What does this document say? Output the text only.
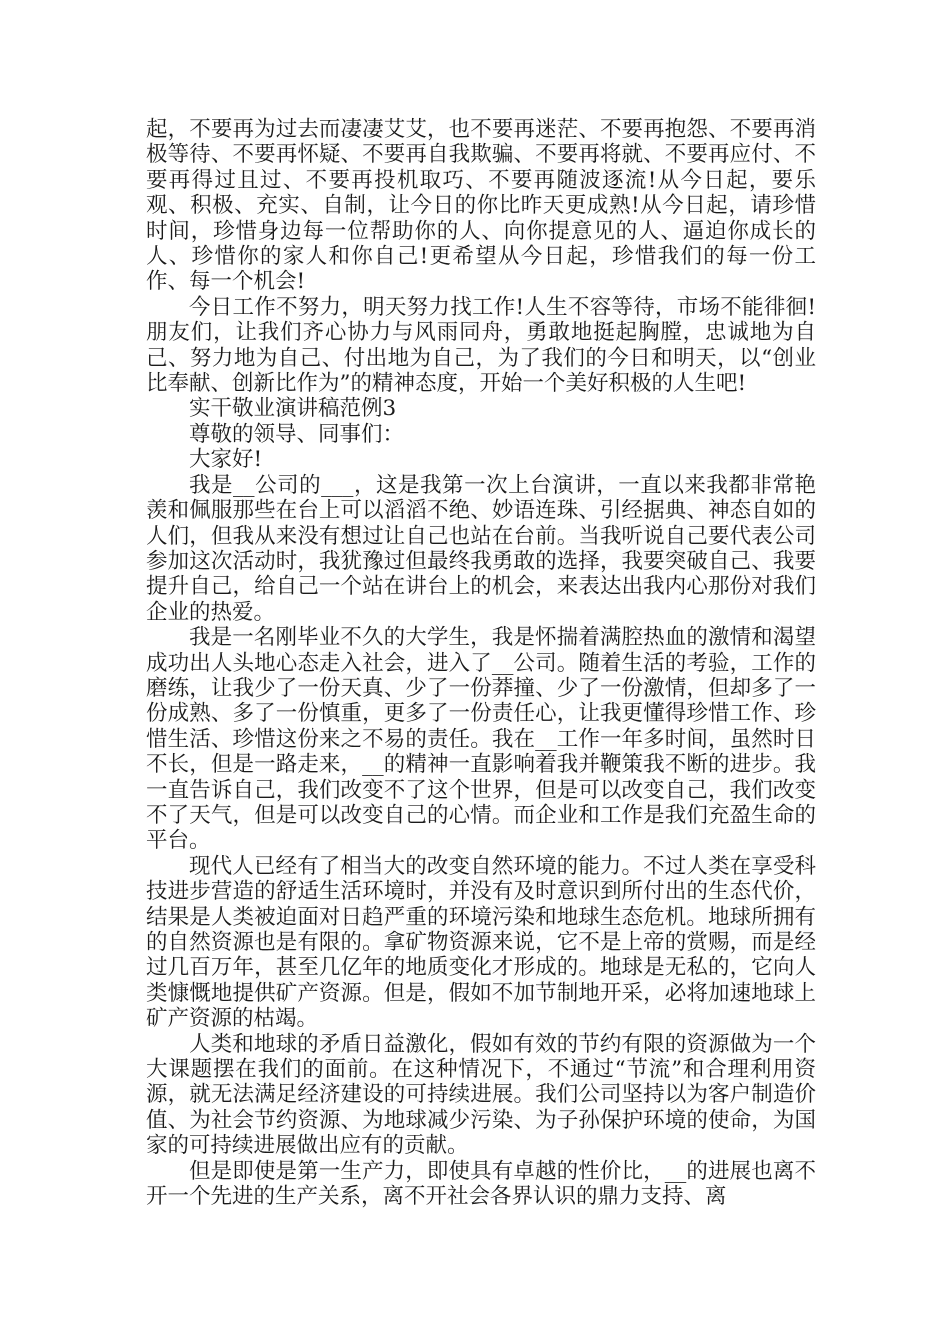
起，不要再为过去而凄凄艾艾，也不要再迷茫、不要再抱怨、不要再消极等待、不要再怀疑、不要再自我欺骗、不要再将就、不要再应付、不要再得过且过、不要再投机取巧、不要再随波逐流!从今日起，要乐观、积极、充实、自制，让今日的你比昨天更成熟!从今日起，请珍惜时间，珍惜身边每一位帮助你的人、向你提意见的人、逼迫你成长的人、珍惜你的家人和你自己!更希望从今日起，珍惜我们的每一份工作、每一个机会!

今日工作不努力，明天努力找工作!人生不容等待，市场不能徘徊!朋友们，让我们齐心协力与风雨同舟，勇敢地挺起胸膛，忠诚地为自己、努力地为自己、付出地为自己，为了我们的今日和明天，以“创业比奉献、创新比作为”的精神态度，开始一个美好积极的人生吧!

实干敬业演讲稿范例3

尊敬的领导、同事们：

大家好!

我是__公司的___，这是我第一次上台演讲，一直以来我都非常艳羡和佩服那些在台上可以滔滔不绝、妙语连珠、引经据典、神态自如的人们，但我从来没有想过让自己也站在台前。当我听说自己要代表公司参加这次活动时，我犹豫过但最终我勇敢的选择，我要突破自己、我要提升自己，给自己一个站在讲台上的机会，来表达出我内心那份对我们企业的热爱。

我是一名刚毕业不久的大学生，我是怀揣着满腔热血的激情和渴望成功出人头地心态走入社会，进入了__公司。随着生活的考验，工作的磨练，让我少了一份天真、少了一份莽撞、少了一份激情，但却多了一份成熟、多了一份慎重，更多了一份责任心，让我更懂得珍惜工作、珍惜生活、珍惜这份来之不易的责任。我在__工作一年多时间，虽然时日不长，但是一路走来，__的精神一直影响着我并鞭策我不断的进步。我一直告诉自己，我们改变不了这个世界，但是可以改变自己，我们改变不了天气，但是可以改变自己的心情。而企业和工作是我们充盈生命的平台。

现代人已经有了相当大的改变自然环境的能力。不过人类在享受科技进步营造的舒适生活环境时，并没有及时意识到所付出的生态代价，结果是人类被迫面对日趋严重的环境污染和地球生态危机。地球所拥有的自然资源也是有限的。拿矿物资源来说，它不是上帝的赏赐，而是经过几百万年，甚至几亿年的地质变化才形成的。地球是无私的，它向人类慷慨地提供矿产资源。但是，假如不加节制地开采，必将加速地球上矿产资源的枯竭。

人类和地球的矛盾日益激化，假如有效的节约有限的资源做为一个大课题摆在我们的面前。在这种情况下，不通过“节流”和合理利用资源，就无法满足经济建设的可持续进展。我们公司坚持以为客户制造价值、为社会节约资源、为地球减少污染、为子孙保护环境的使命，为国家的可持续进展做出应有的贡献。

但是即使是第一生产力，即使具有卓越的性价比，__的进展也离不开一个先进的生产关系，离不开社会各界认识的鼎力支持、离
